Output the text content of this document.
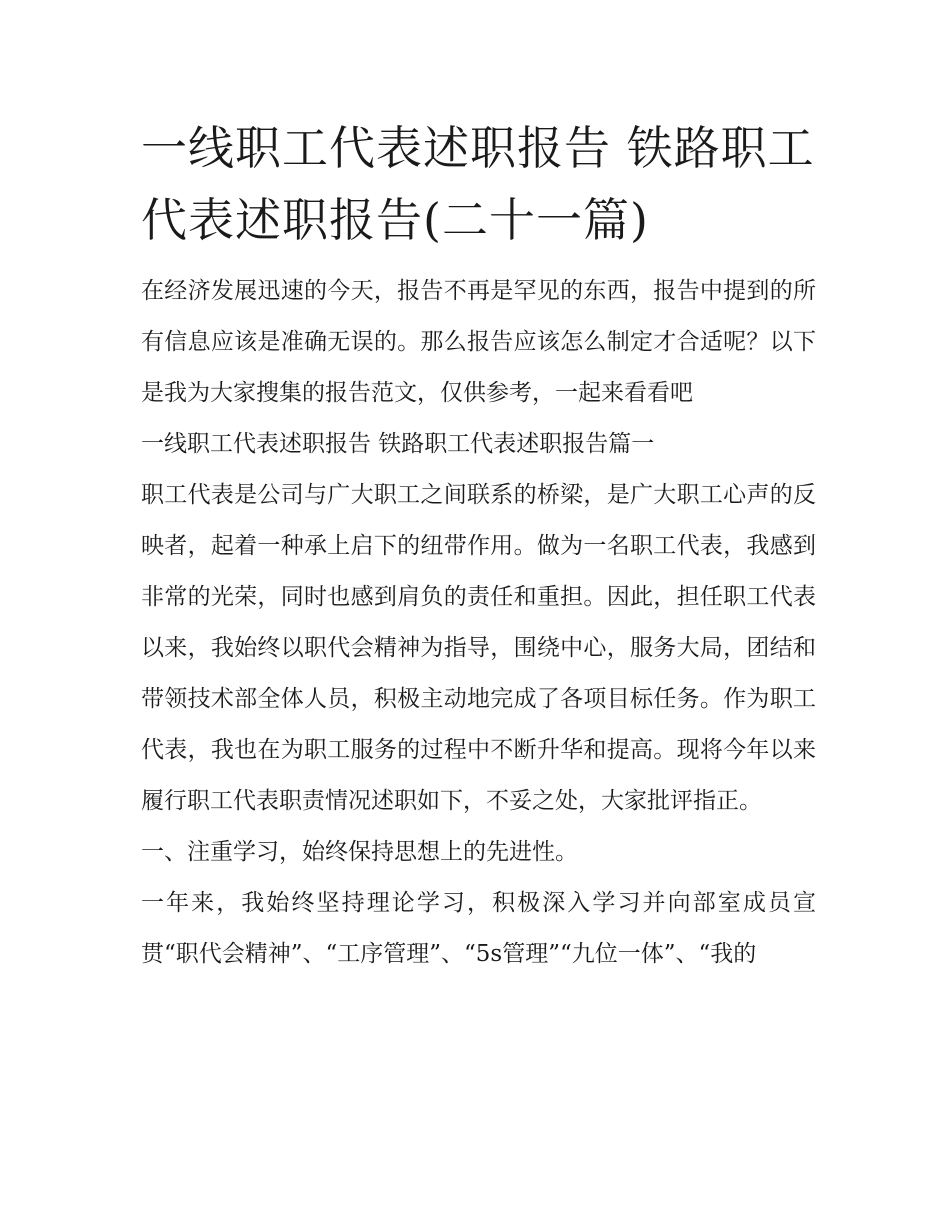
一线职工代表述职报告 铁路职工代表述职报告(二十一篇)

在经济发展迅速的今天，报告不再是罕见的东西，报告中提到的所有信息应该是准确无误的。那么报告应该怎么制定才合适呢？以下是我为大家搜集的报告范文，仅供参考，一起来看看吧

一线职工代表述职报告 铁路职工代表述职报告篇一

职工代表是公司与广大职工之间联系的桥梁，是广大职工心声的反映者，起着一种承上启下的纽带作用。做为一名职工代表，我感到非常的光荣，同时也感到肩负的责任和重担。因此，担任职工代表以来，我始终以职代会精神为指导，围绕中心，服务大局，团结和带领技术部全体人员，积极主动地完成了各项目标任务。作为职工代表，我也在为职工服务的过程中不断升华和提高。现将今年以来履行职工代表职责情况述职如下，不妥之处，大家批评指正。

一、注重学习，始终保持思想上的先进性。

一年来，我始终坚持理论学习，积极深入学习并向部室成员宣贯“职代会精神”、“工序管理”、“5s管理”“九位一体”、“我的
